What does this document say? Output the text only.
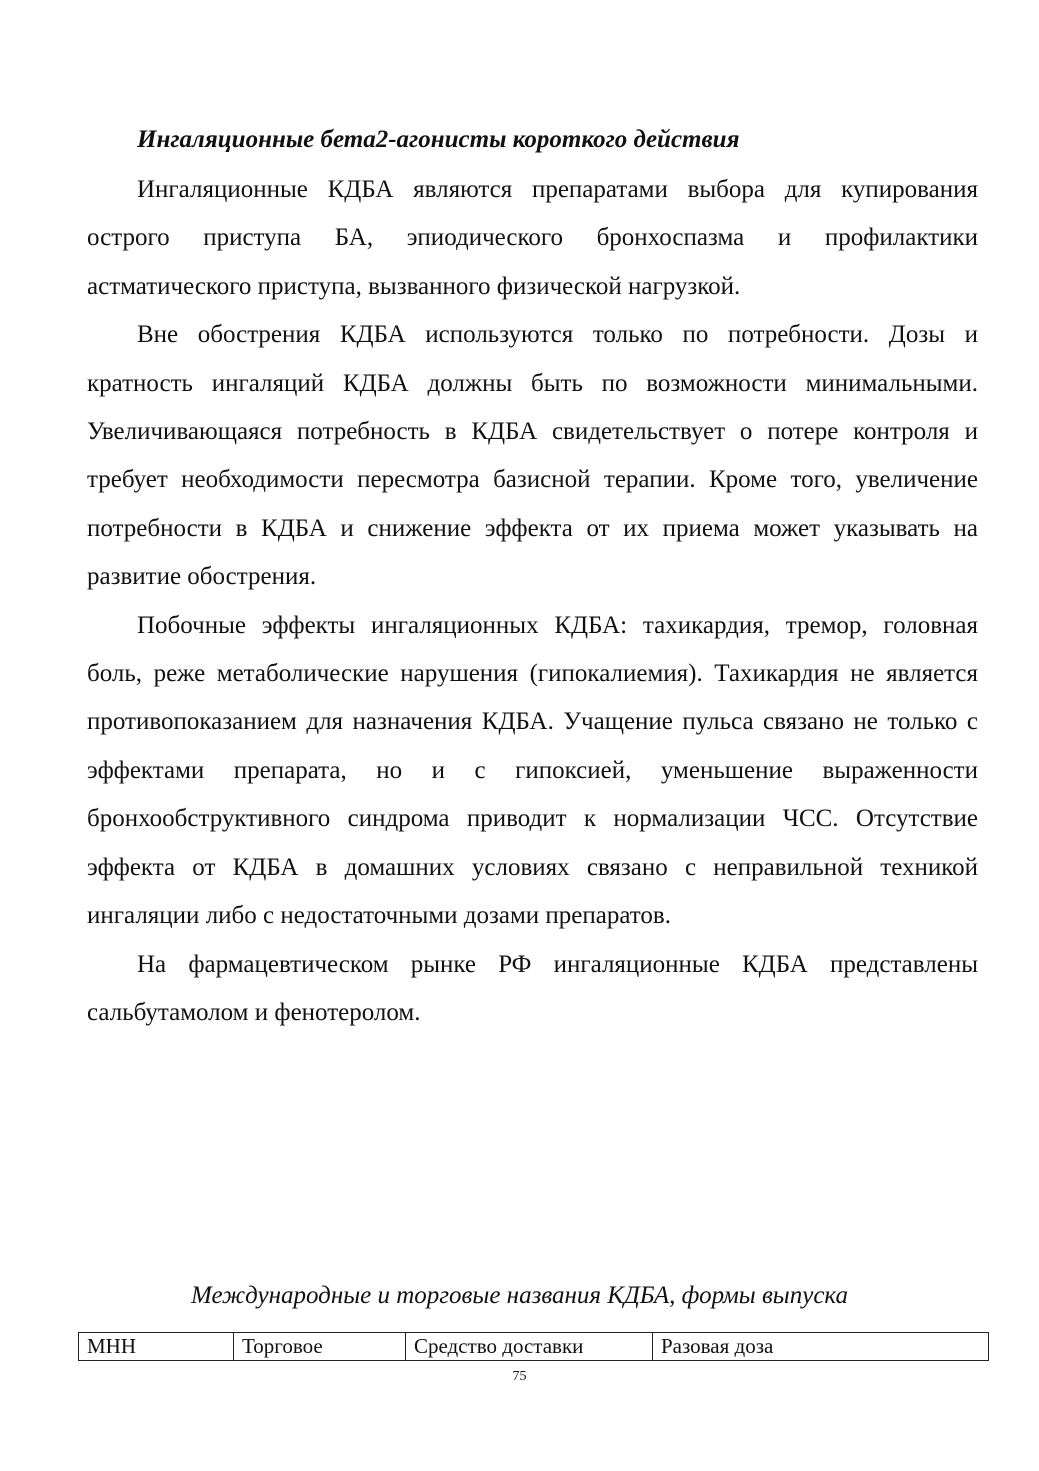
Ингаляционные бета2-агонисты короткого действия

Ингаляционные КДБА являются препаратами выбора для купирования острого приступа БА, эпиодического бронхоспазма и профилактики астматического приступа, вызванного физической нагрузкой.

Вне обострения КДБА используются только по потребности. Дозы и кратность ингаляций КДБА должны быть по возможности минимальными. Увеличивающаяся потребность в КДБА свидетельствует о потере контроля и требует необходимости пересмотра базисной терапии. Кроме того, увеличение потребности в КДБА и снижение эффекта от их приема может указывать на развитие обострения.

Побочные эффекты ингаляционных КДБА: тахикардия, тремор, головная боль, реже метаболические нарушения (гипокалиемия). Тахикардия не является противопоказанием для назначения КДБА. Учащение пульса связано не только с эффектами препарата, но и с гипоксией, уменьшение выраженности бронхообструктивного синдрома приводит к нормализации ЧСС. Отсутствие эффекта от КДБА в домашних условиях связано с неправильной техникой ингаляции либо с недостаточными дозами препаратов.

На фармацевтическом рынке РФ ингаляционные КДБА представлены сальбутамолом и фенотеролом.

Международные и торговые названия КДБА, формы выпуска

МНН	Торговое	Средство доставки	Разовая доза

75
